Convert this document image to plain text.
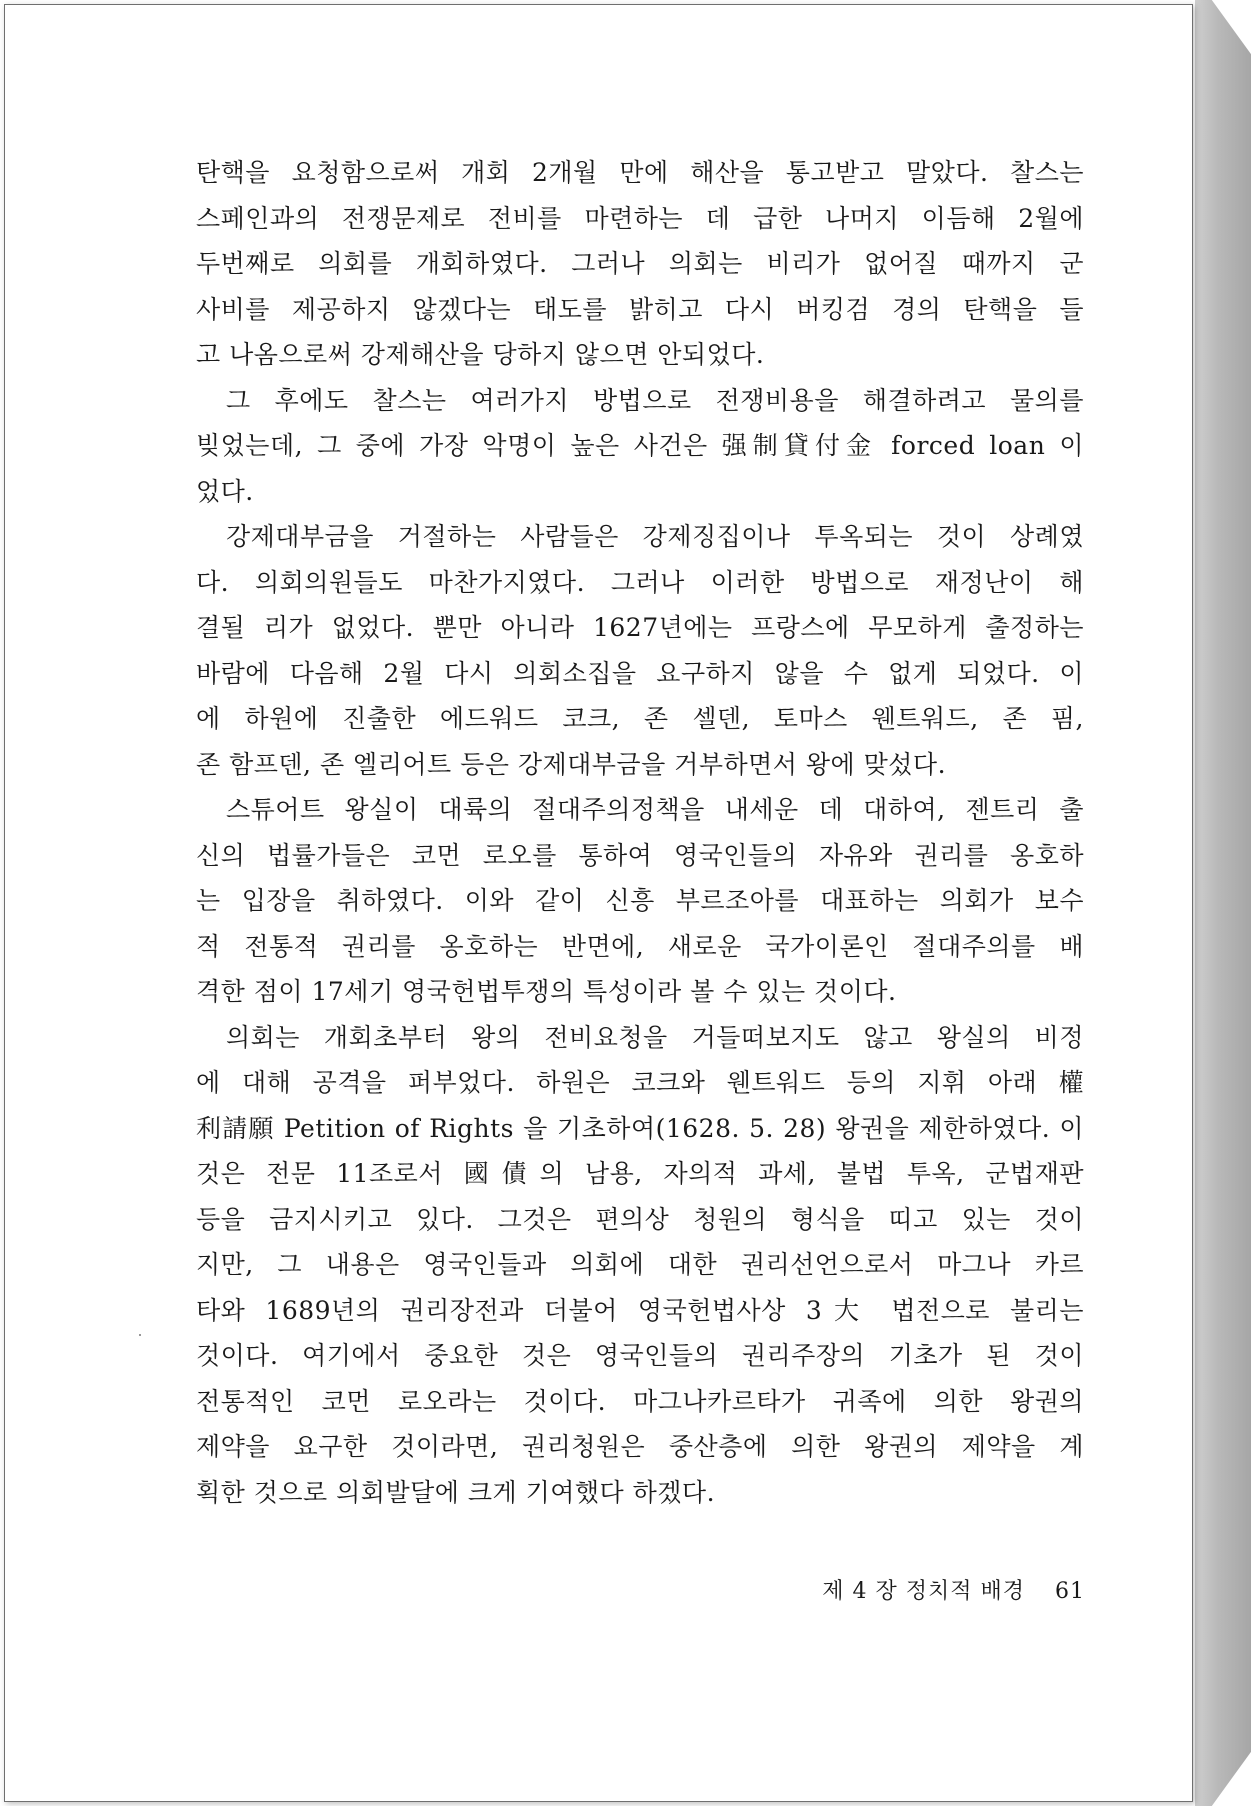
탄핵을 요청함으로써 개회 2개월 만에 해산을 통고받고 말았다. 찰스는
스페인과의 전쟁문제로 전비를 마련하는 데 급한 나머지 이듬해 2월에
두번째로 의회를 개회하였다. 그러나 의회는 비리가 없어질 때까지 군
사비를 제공하지 않겠다는 태도를 밝히고 다시 버킹검 경의 탄핵을 들
고 나옴으로써 강제해산을 당하지 않으면 안되었다.
그 후에도 찰스는 여러가지 방법으로 전쟁비용을 해결하려고 물의를
빚었는데, 그 중에 가장 악명이 높은 사건은 强制貸付金 forced loan 이
었다.
강제대부금을 거절하는 사람들은 강제징집이나 투옥되는 것이 상례였
다. 의회의원들도 마찬가지였다. 그러나 이러한 방법으로 재정난이 해
결될 리가 없었다. 뿐만 아니라 1627년에는 프랑스에 무모하게 출정하는
바람에 다음해 2월 다시 의회소집을 요구하지 않을 수 없게 되었다. 이
에 하원에 진출한 에드워드 코크, 존 셀덴, 토마스 웬트워드, 존 핌,
존 함프덴, 존 엘리어트 등은 강제대부금을 거부하면서 왕에 맞섰다.
스튜어트 왕실이 대륙의 절대주의정책을 내세운 데 대하여, 젠트리 출
신의 법률가들은 코먼 로오를 통하여 영국인들의 자유와 권리를 옹호하
는 입장을 취하였다. 이와 같이 신흥 부르조아를 대표하는 의회가 보수
적 전통적 권리를 옹호하는 반면에, 새로운 국가이론인 절대주의를 배
격한 점이 17세기 영국헌법투쟁의 특성이라 볼 수 있는 것이다.
의회는 개회초부터 왕의 전비요청을 거들떠보지도 않고 왕실의 비정
에 대해 공격을 퍼부었다. 하원은 코크와 웬트워드 등의 지휘 아래 權
利請願 Petition of Rights 을 기초하여(1628. 5. 28) 왕권을 제한하였다. 이
것은 전문 11조로서 國債의 남용, 자의적 과세, 불법 투옥, 군법재판
등을 금지시키고 있다. 그것은 편의상 청원의 형식을 띠고 있는 것이
지만, 그 내용은 영국인들과 의회에 대한 권리선언으로서 마그나 카르
타와 1689년의 권리장전과 더불어 영국헌법사상 3大 법전으로 불리는
것이다. 여기에서 중요한 것은 영국인들의 권리주장의 기초가 된 것이
전통적인 코먼 로오라는 것이다. 마그나카르타가 귀족에 의한 왕권의
제약을 요구한 것이라면, 권리청원은 중산층에 의한 왕권의 제약을 계
획한 것으로 의회발달에 크게 기여했다 하겠다.
제 4 장 정치적 배경 61
